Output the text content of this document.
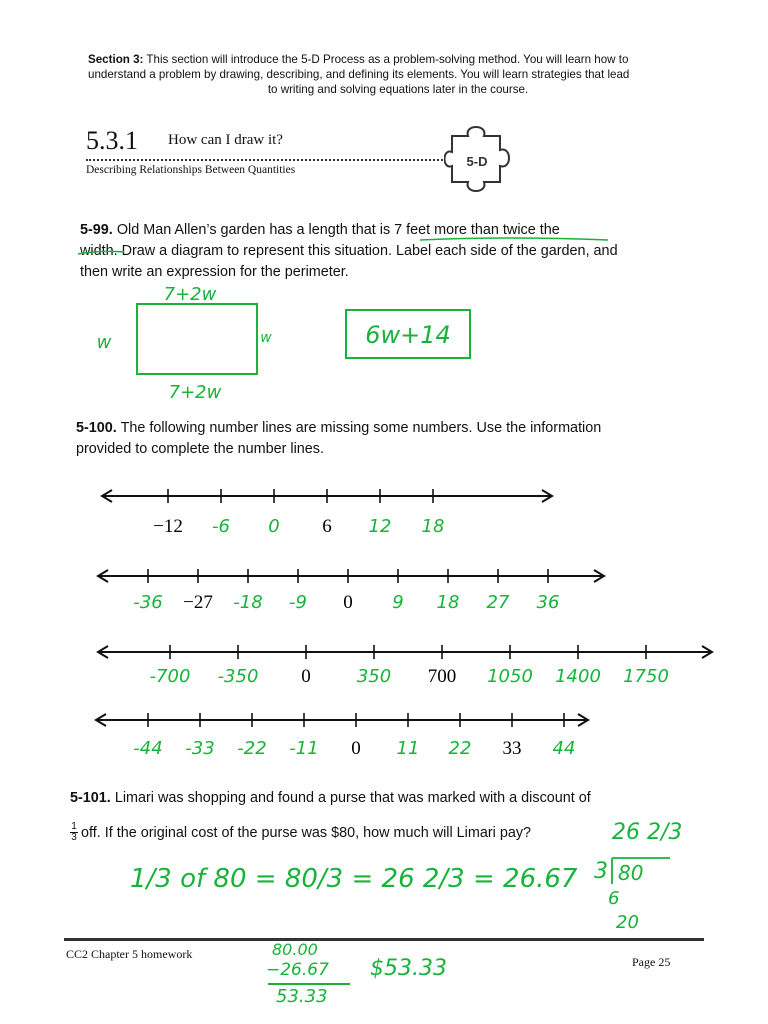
Section 3: This section will introduce the 5-D Process as a problem-solving method. You will learn how to
understand a problem by drawing, describing, and defining its elements. You will learn strategies that lead

to writing and solving equations later in the course.
5.3.1 How can I draw it?
Describing Relationships Between Quantities
5-D
5-99. Old Man Allen’s garden has a length that is 7 feet more than twice the
width. Draw a diagram to represent this situation. Label each side of the garden, and
then write an expression for the perimeter.
7+2w
7+2w
w	w	6w+14
5-100. The following number lines are missing some numbers. Use the information
provided to complete the number lines.
−12 -6 0 6 12 18
-36 −27 -18 -9 0 9 18 27 36
-700 -350 0	350 700 1050 1400 1750
-44 -33 -22 -11 0 11 22 33 44
5-101. Limari was shopping and found a purse that was marked with a discount of
1
3 off. If the original cost of the purse was $80, how much will Limari pay?
1/3 of 80 = 80/3 = 26 2/3 = 26.67
26 2/3
3 80
6
20
80.00
−26.67
53.33
$53.33
CC2 Chapter 5 homework
Page 25
